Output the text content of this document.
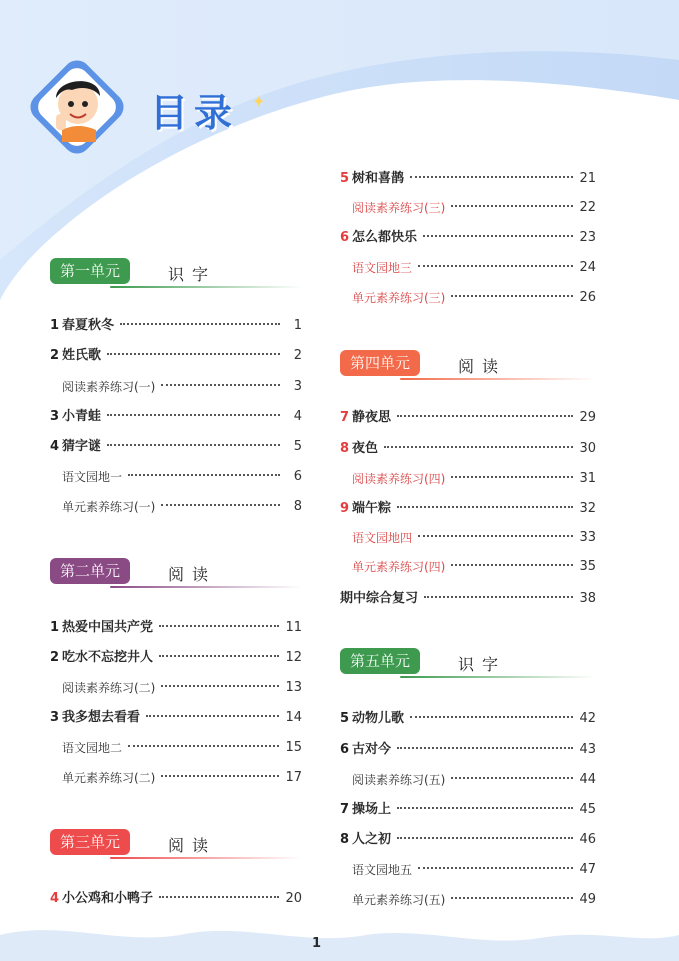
目录 ✦
第一单元	识字
1 春夏秋冬	1
2 姓氏歌	2
阅读素养练习(一)	3
3 小青蛙	4
4 猜字谜	5
语文园地一	6
单元素养练习(一)	8
第二单元	阅读
1 热爱中国共产党	11
2 吃水不忘挖井人	12
阅读素养练习(二)	13
3 我多想去看看	14
语文园地二	15
单元素养练习(二)	17
第三单元	阅读
4 小公鸡和小鸭子	20
5 树和喜鹊	21
阅读素养练习(三)	22
6 怎么都快乐	23
语文园地三	24
单元素养练习(三)	26
第四单元	阅读
7 静夜思	29
8 夜色	30
阅读素养练习(四)	31
9 端午粽	32
语文园地四	33
单元素养练习(四)	35
期中综合复习	38
第五单元	识字
5 动物儿歌	42
6 古对今	43
阅读素养练习(五)	44
7 操场上	45
8 人之初	46
语文园地五	47
单元素养练习(五)	49
1
